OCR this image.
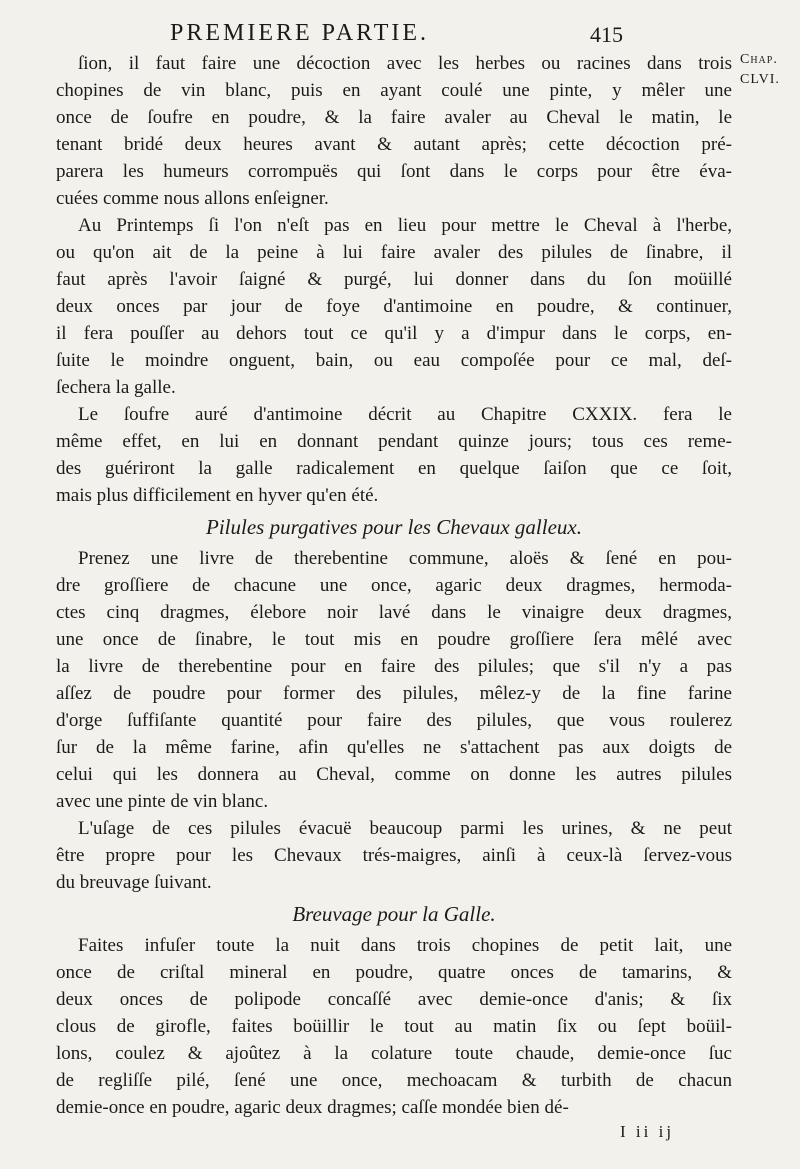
PREMIERE PARTIE.	415
Chap.
CLVI.
ſion, il faut faire une décoction avec les herbes ou racines dans trois
chopines de vin blanc, puis en ayant coulé une pinte, y mêler une
once de ſoufre en poudre, & la faire avaler au Cheval le matin, le
tenant bridé deux heures avant & autant après; cette décoction pré-
parera les humeurs corrompuës qui ſont dans le corps pour être éva-
cuées comme nous allons enſeigner.
Au Printemps ſi l'on n'eſt pas en lieu pour mettre le Cheval à l'herbe,
ou qu'on ait de la peine à lui faire avaler des pilules de ſinabre, il
faut après l'avoir ſaigné & purgé, lui donner dans du ſon moüillé
deux onces par jour de foye d'antimoine en poudre, & continuer,
il fera pouſſer au dehors tout ce qu'il y a d'impur dans le corps, en-
ſuite le moindre onguent, bain, ou eau compoſée pour ce mal, deſ-
ſechera la galle.
Le ſoufre auré d'antimoine décrit au Chapitre CXXIX. fera le
même effet, en lui en donnant pendant quinze jours; tous ces reme-
des guériront la galle radicalement en quelque ſaiſon que ce ſoit,
mais plus difficilement en hyver qu'en été.
Pilules purgatives pour les Chevaux galleux.
Prenez une livre de therebentine commune, aloës & ſené en pou-
dre groſſiere de chacune une once, agaric deux dragmes, hermoda-
ctes cinq dragmes, élebore noir lavé dans le vinaigre deux dragmes,
une once de ſinabre, le tout mis en poudre groſſiere ſera mêlé avec
la livre de therebentine pour en faire des pilules; que s'il n'y a pas
aſſez de poudre pour former des pilules, mêlez-y de la fine farine
d'orge ſuffiſante quantité pour faire des pilules, que vous roulerez
ſur de la même farine, afin qu'elles ne s'attachent pas aux doigts de
celui qui les donnera au Cheval, comme on donne les autres pilules
avec une pinte de vin blanc.
L'uſage de ces pilules évacuë beaucoup parmi les urines, & ne peut
être propre pour les Chevaux trés-maigres, ainſi à ceux-là ſervez-vous
du breuvage ſuivant.
Breuvage pour la Galle.
Faites infuſer toute la nuit dans trois chopines de petit lait, une
once de criſtal mineral en poudre, quatre onces de tamarins, &
deux onces de polipode concaſſé avec demie-once d'anis; & ſix
clous de girofle, faites boüillir le tout au matin ſix ou ſept boüil-
lons, coulez & ajoûtez à la colature toute chaude, demie-once ſuc
de regliſſe pilé, ſené une once, mechoacam & turbith de chacun
demie-once en poudre, agaric deux dragmes; caſſe mondée bien dé-
I ii ij
